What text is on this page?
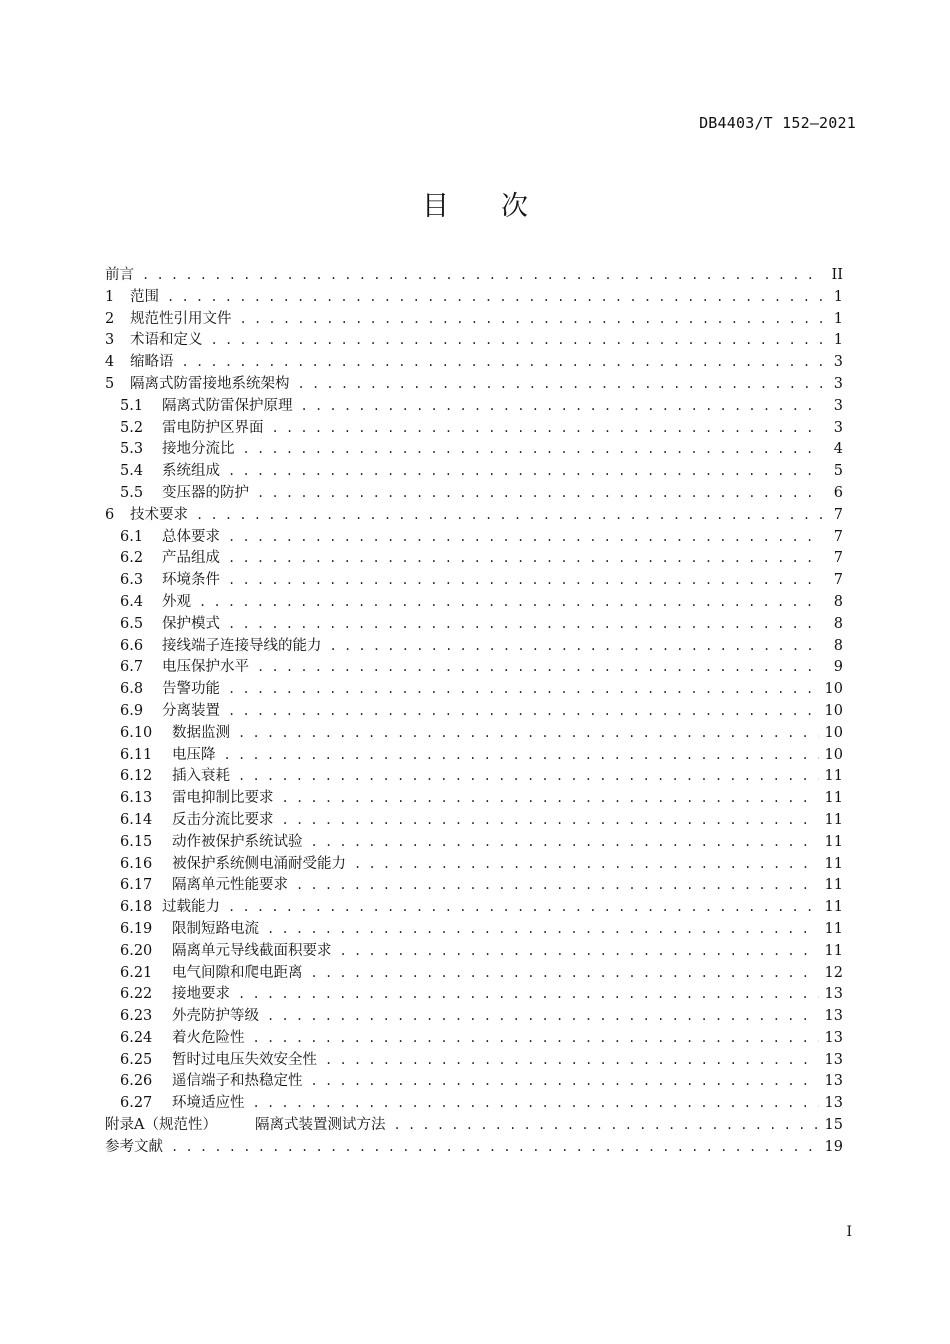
DB4403/T 152—2021
目次
前言 . . .	II
1	范围 . . .	1
2	规范性引用文件 . . .	1
3	术语和定义 . . .	1
4	缩略语 . . .	3
5	隔离式防雷接地系统架构 . . .	3
5.1	隔离式防雷保护原理 . . .	3
5.2	雷电防护区界面 . . .	3
5.3	接地分流比 . . .	4
5.4	系统组成 . . .	5
5.5	变压器的防护 . . .	6
6	技术要求 . . .	7
6.1	总体要求 . . .	7
6.2	产品组成 . . .	7
6.3	环境条件 . . .	7
6.4	外观 . . .	8
6.5	保护模式 . . .	8
6.6	接线端子连接导线的能力 . . .	8
6.7	电压保护水平 . . .	9
6.8	告警功能 . . .	10
6.9	分离装置 . . .	10
6.10	数据监测 . . .	10
6.11	电压降 . . .	10
6.12	插入衰耗 . . .	11
6.13	雷电抑制比要求 . . .	11
6.14	反击分流比要求 . . .	11
6.15	动作被保护系统试验 . . .	11
6.16	被保护系统侧电涌耐受能力 . . .	11
6.17	隔离单元性能要求 . . .	11
6.18 过载能力 . . .	11
6.19	限制短路电流 . . .	11
6.20	隔离单元导线截面积要求 . . .	11
6.21	电气间隙和爬电距离 . . .	12
6.22	接地要求 . . .	13
6.23	外壳防护等级 . . .	13
6.24	着火危险性 . . .	13
6.25	暂时过电压失效安全性 . . .	13
6.26	遥信端子和热稳定性 . . .	13
6.27	环境适应性 . . .	13
附录A（规范性）	隔离式装置测试方法 . . .	15
参考文献 . . .	19
I
